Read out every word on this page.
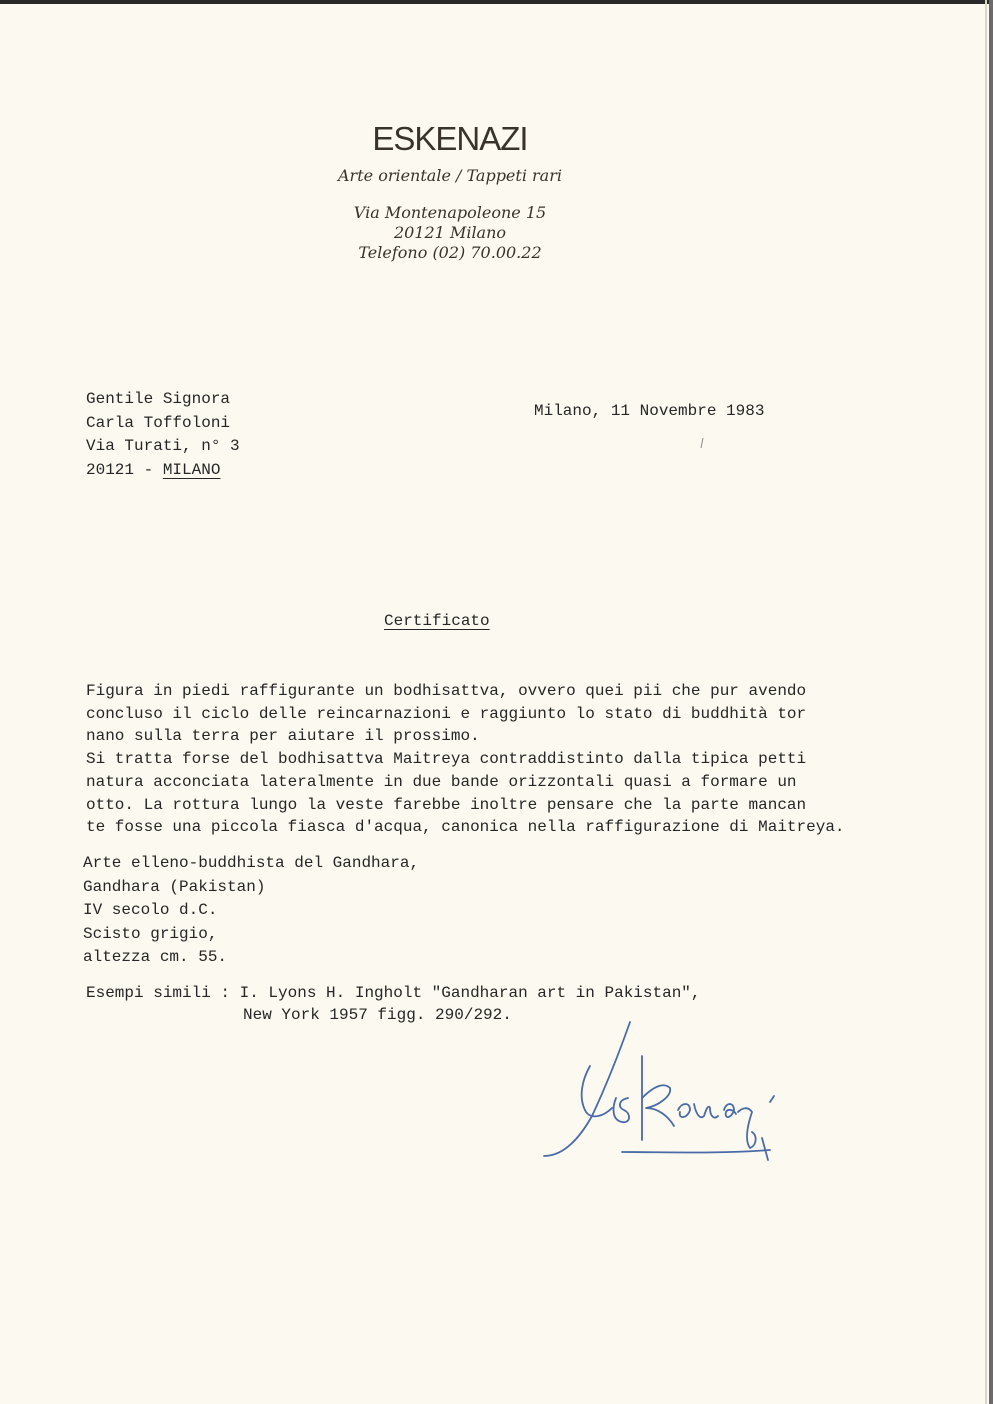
ESKENAZI
Arte orientale / Tappeti rari
Via Montenapoleone 15
20121 Milano
Telefono (02) 70.00.22
Gentile Signora
Carla Toffoloni
Via Turati, n° 3
20121 - MILANO
Milano, 11 Novembre 1983
Certificato
Figura in piedi raffigurante un bodhisattva, ovvero quei pii che pur avendo
concluso il ciclo delle reincarnazioni e raggiunto lo stato di buddhità tor
nano sulla terra per aiutare il prossimo.
Si tratta forse del bodhisattva Maitreya contraddistinto dalla tipica petti
natura acconciata lateralmente in due bande orizzontali quasi a formare un
otto. La rottura lungo la veste farebbe inoltre pensare che la parte mancan
te fosse una piccola fiasca d'acqua, canonica nella raffigurazione di Maitreya.
Arte elleno-buddhista del Gandhara,
Gandhara (Pakistan)
IV secolo d.C.
Scisto grigio,
altezza cm. 55.
Esempi simili : I. Lyons H. Ingholt "Gandharan art in Pakistan",
New York 1957 figg. 290/292.
